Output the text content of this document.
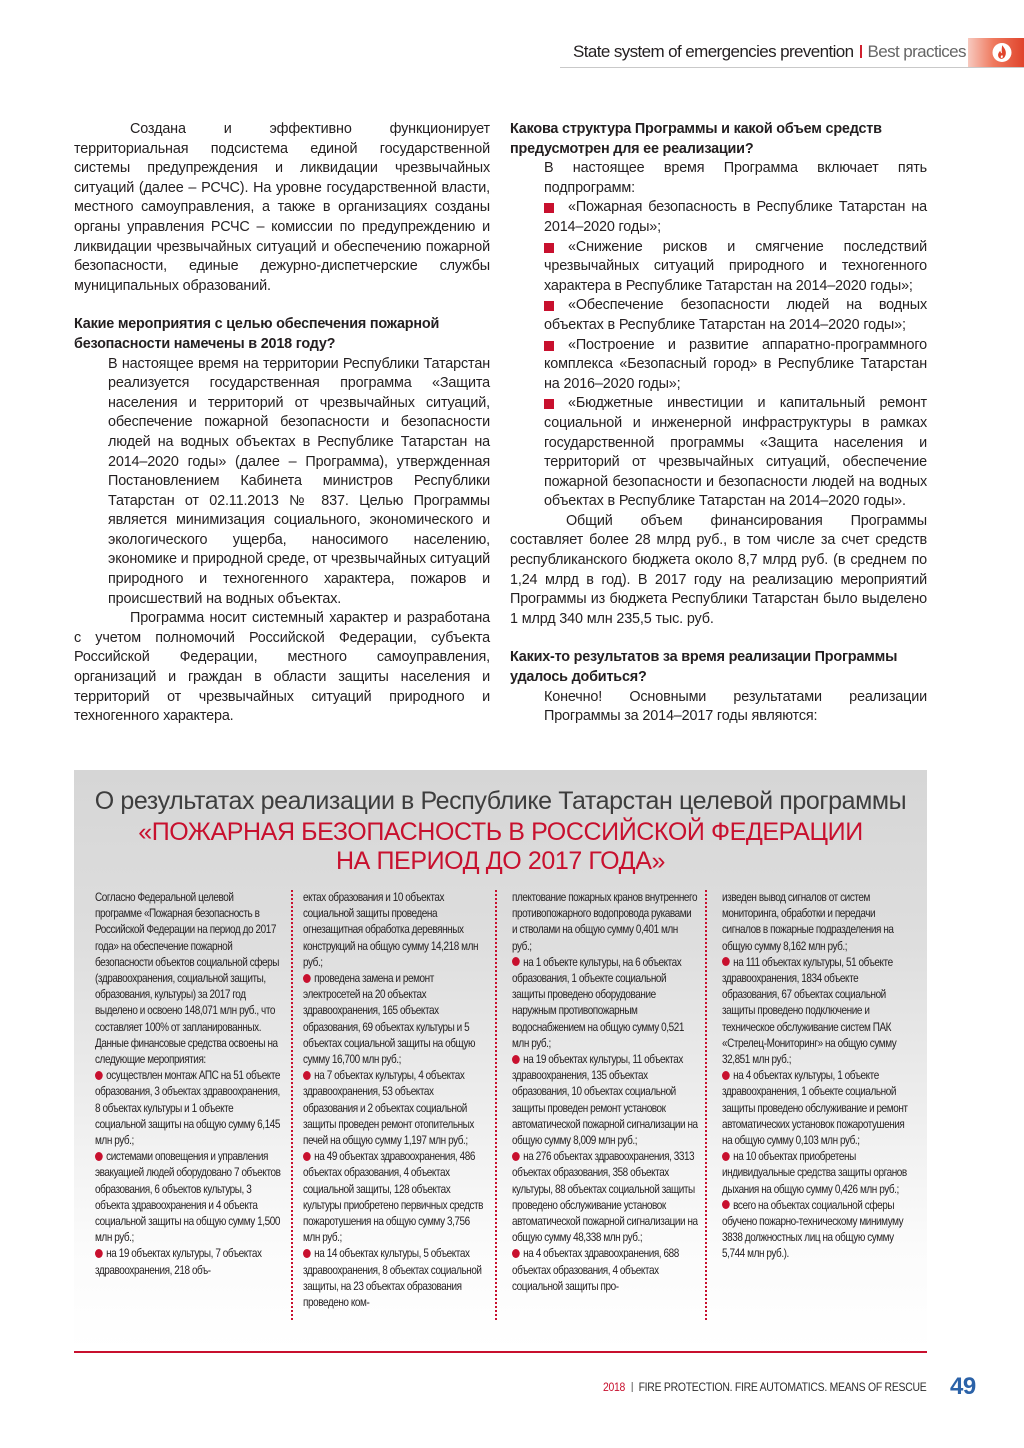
State system of emergencies prevention Best practices
Создана и эффективно функционирует территориальная подсистема единой государственной системы предупреждения и ликвидации чрезвычайных ситуаций (далее – РСЧС). На уровне государственной власти, местного самоуправления, а также в организациях созданы органы управления РСЧС – комиссии по предупреждению и ликвидации чрезвычайных ситуаций и обеспечению пожарной безопасности, единые дежурно-диспетчерские службы муниципальных образований.
Какие мероприятия с целью обеспечения пожарной безопасности намечены в 2018 году?
В настоящее время на территории Республики Татарстан реализуется государственная программа «Защита населения и территорий от чрезвычайных ситуаций, обеспечение пожарной безопасности и безопасности людей на водных объектах в Республике Татарстан на 2014–2020 годы» (далее – Программа), утвержденная Постановлением Кабинета министров Республики Татарстан от 02.11.2013 № 837. Целью Программы является минимизация социального, экономического и экологического ущерба, наносимого населению, экономике и природной среде, от чрезвычайных ситуаций природного и техногенного характера, пожаров и происшествий на водных объектах.
Программа носит системный характер и разработана с учетом полномочий Российской Федерации, субъекта Российской Федерации, местного самоуправления, организаций и граждан в области защиты населения и территорий от чрезвычайных ситуаций природного и техногенного характера.
Какова структура Программы и какой объем средств предусмотрен для ее реализации?
В настоящее время Программа включает пять подпрограмм:
«Пожарная безопасность в Республике Татарстан на 2014–2020 годы»;
«Снижение рисков и смягчение последствий чрезвычайных ситуаций природного и техногенного характера в Республике Татарстан на 2014–2020 годы»;
«Обеспечение безопасности людей на водных объектах в Республике Татарстан на 2014–2020 годы»;
«Построение и развитие аппаратно-программного комплекса «Безопасный город» в Республике Татарстан на 2016–2020 годы»;
«Бюджетные инвестиции и капитальный ремонт социальной и инженерной инфраструктуры в рамках государственной программы «Защита населения и территорий от чрезвычайных ситуаций, обеспечение пожарной безопасности и безопасности людей на водных объектах в Республике Татарстан на 2014–2020 годы».
Общий объем финансирования Программы составляет более 28 млрд руб., в том числе за счет средств республиканского бюджета около 8,7 млрд руб. (в среднем по 1,24 млрд в год). В 2017 году на реализацию мероприятий Программы из бюджета Республики Татарстан было выделено 1 млрд 340 млн 235,5 тыс. руб.
Каких-то результатов за время реализации Программы удалось добиться?
Конечно! Основными результатами реализации Программы за 2014–2017 годы являются:
О результатах реализации в Республике Татарстан целевой программы
«ПОЖАРНАЯ БЕЗОПАСНОСТЬ В РОССИЙСКОЙ ФЕДЕРАЦИИ
НА ПЕРИОД ДО 2017 ГОДА»
Согласно Федеральной целевой программе «Пожарная безопасность в Российской Федерации на период до 2017 года» на обеспечение пожарной безопасности объектов социальной сферы (здравоохранения, социальной защиты, образования, культуры) за 2017 год выделено и освоено 148,071 млн руб., что составляет 100% от запланированных. Данные финансовые средства освоены на следующие мероприятия:
осуществлен монтаж АПС на 51 объекте образования, 3 объектах здравоохранения, 8 объектах культуры и 1 объекте социальной защиты на общую сумму 6,145 млн руб.;
системами оповещения и управления эвакуацией людей оборудовано 7 объектов образования, 6 объектов культуры, 3 объекта здравоохранения и 4 объекта социальной защиты на общую сумму 1,500 млн руб.;
на 19 объектах культуры, 7 объектах здравоохранения, 218 объ-
ектах образования и 10 объектах социальной защиты проведена огнезащитная обработка деревянных конструкций на общую сумму 14,218 млн руб.;
проведена замена и ремонт электросетей на 20 объектах здравоохранения, 165 объектах образования, 69 объектах культуры и 5 объектах социальной защиты на общую сумму 16,700 млн руб.;
на 7 объектах культуры, 4 объектах здравоохранения, 53 объектах образования и 2 объектах социальной защиты проведен ремонт отопительных печей на общую сумму 1,197 млн руб.;
на 49 объектах здравоохранения, 486 объектах образования, 4 объектах социальной защиты, 128 объектах культуры приобретено первичных средств пожаротушения на общую сумму 3,756 млн руб.;
на 14 объектах культуры, 5 объектах здравоохранения, 8 объектах социальной защиты, на 23 объектах образования проведено ком-
плектование пожарных кранов внутреннего противопожарного водопровода рукавами и стволами на общую сумму 0,401 млн руб.;
на 1 объекте культуры, на 6 объектах образования, 1 объекте социальной защиты проведено оборудование наружным противопожарным водоснабжением на общую сумму 0,521 млн руб.;
на 19 объектах культуры, 11 объектах здравоохранения, 135 объектах образования, 10 объектах социальной защиты проведен ремонт установок автоматической пожарной сигнализации на общую сумму 8,009 млн руб.;
на 276 объектах здравоохранения, 3313 объектах образования, 358 объектах культуры, 88 объектах социальной защиты проведено обслуживание установок автоматической пожарной сигнализации на общую сумму 48,338 млн руб.;
на 4 объектах здравоохранения, 688 объектах образования, 4 объектах социальной защиты про-
изведен вывод сигналов от систем мониторинга, обработки и передачи сигналов в пожарные подразделения на общую сумму 8,162 млн руб.;
на 111 объектах культуры, 51 объекте здравоохранения, 1834 объекте образования, 67 объектах социальной защиты проведено подключение и техническое обслуживание систем ПАК «Стрелец-Мониторинг» на общую сумму 32,851 млн руб.;
на 4 объектах культуры, 1 объекте здравоохранения, 1 объекте социальной защиты проведено обслуживание и ремонт автоматических установок пожаротушения на общую сумму 0,103 млн руб.;
на 10 объектах приобретены индивидуальные средства защиты органов дыхания на общую сумму 0,426 млн руб.;
всего на объектах социальной сферы обучено пожарно-техническому минимуму 3838 должностных лиц на общую сумму 5,744 млн руб.).
2018 FIRE PROTECTION. FIRE AUTOMATICS. MEANS OF RESCUE 49
